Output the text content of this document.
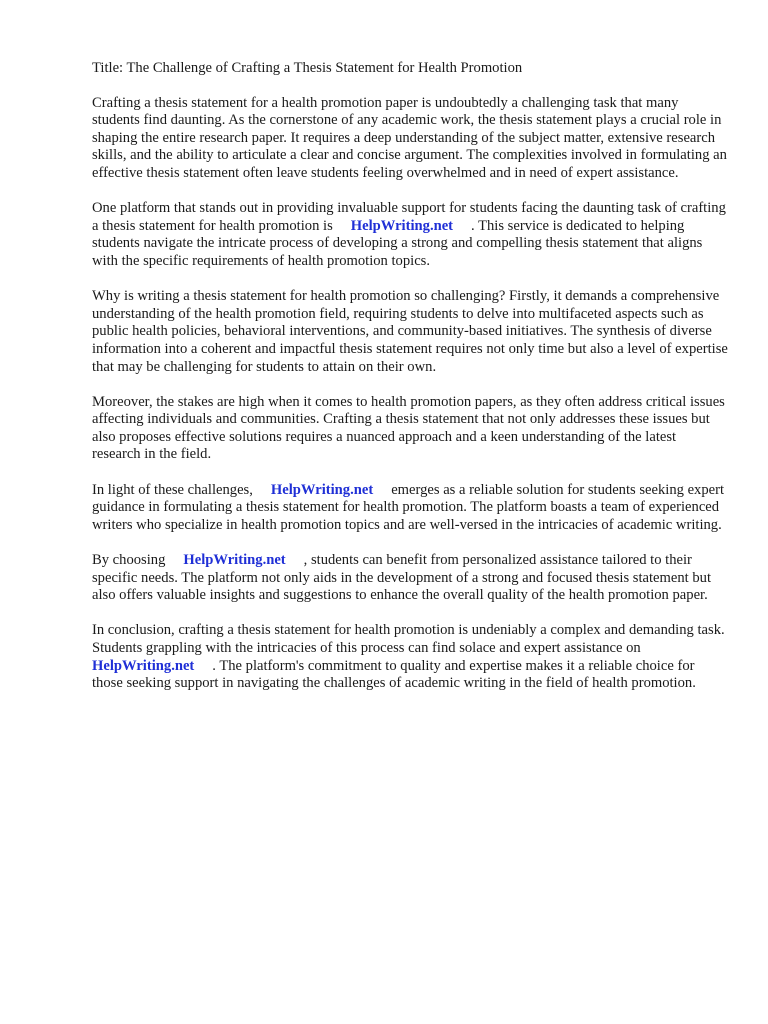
Title: The Challenge of Crafting a Thesis Statement for Health Promotion

Crafting a thesis statement for a health promotion paper is undoubtedly a challenging task that many students find daunting. As the cornerstone of any academic work, the thesis statement plays a crucial role in shaping the entire research paper. It requires a deep understanding of the subject matter, extensive research skills, and the ability to articulate a clear and concise argument. The complexities involved in formulating an effective thesis statement often leave students feeling overwhelmed and in need of expert assistance.

One platform that stands out in providing invaluable support for students facing the daunting task of crafting a thesis statement for health promotion is HelpWriting.net . This service is dedicated to helping students navigate the intricate process of developing a strong and compelling thesis statement that aligns with the specific requirements of health promotion topics.

Why is writing a thesis statement for health promotion so challenging? Firstly, it demands a comprehensive understanding of the health promotion field, requiring students to delve into multifaceted aspects such as public health policies, behavioral interventions, and community-based initiatives. The synthesis of diverse information into a coherent and impactful thesis statement requires not only time but also a level of expertise that may be challenging for students to attain on their own.

Moreover, the stakes are high when it comes to health promotion papers, as they often address critical issues affecting individuals and communities. Crafting a thesis statement that not only addresses these issues but also proposes effective solutions requires a nuanced approach and a keen understanding of the latest research in the field.

In light of these challenges, HelpWriting.net emerges as a reliable solution for students seeking expert guidance in formulating a thesis statement for health promotion. The platform boasts a team of experienced writers who specialize in health promotion topics and are well-versed in the intricacies of academic writing.

By choosing HelpWriting.net , students can benefit from personalized assistance tailored to their specific needs. The platform not only aids in the development of a strong and focused thesis statement but also offers valuable insights and suggestions to enhance the overall quality of the health promotion paper.

In conclusion, crafting a thesis statement for health promotion is undeniably a complex and demanding task. Students grappling with the intricacies of this process can find solace and expert assistance onHelpWriting.net . The platform's commitment to quality and expertise makes it a reliable choice for those seeking support in navigating the challenges of academic writing in the field of health promotion.
